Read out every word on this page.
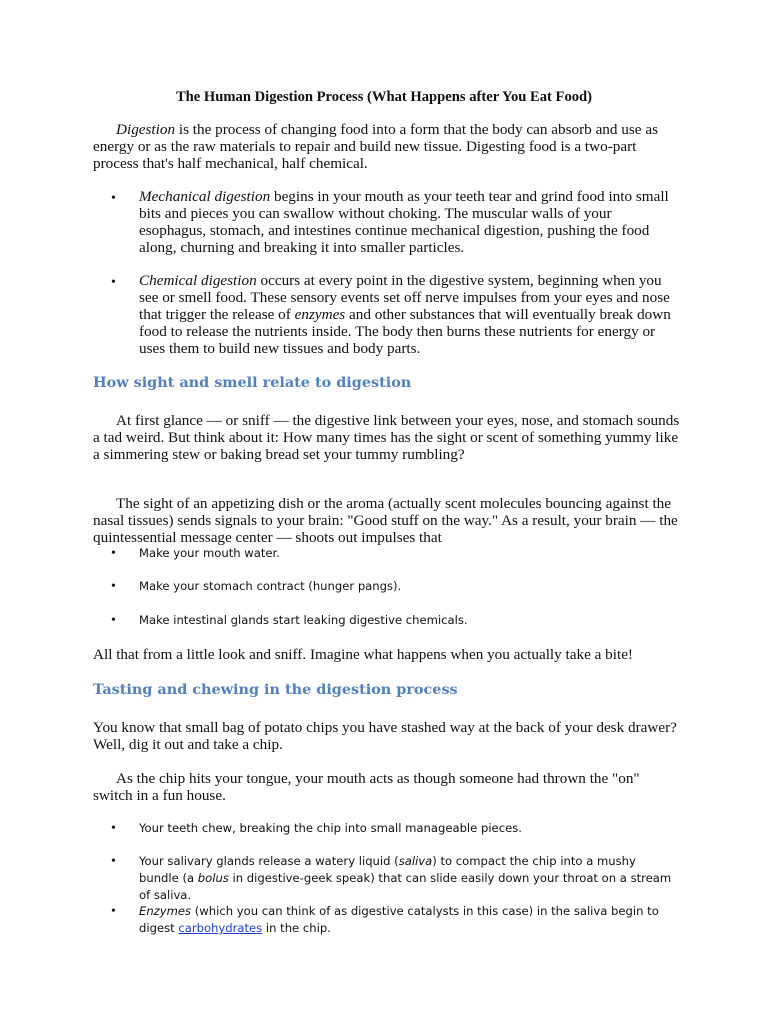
The Human Digestion Process (What Happens after You Eat Food)

Digestion is the process of changing food into a form that the body can absorb and use as energy or as the raw materials to repair and build new tissue. Digesting food is a two-part process that's half mechanical, half chemical.

•	Mechanical digestion begins in your mouth as your teeth tear and grind food into small bits and pieces you can swallow without choking. The muscular walls of your esophagus, stomach, and intestines continue mechanical digestion, pushing the food along, churning and breaking it into smaller particles.

•	Chemical digestion occurs at every point in the digestive system, beginning when you see or smell food. These sensory events set off nerve impulses from your eyes and nose that trigger the release of enzymes and other substances that will eventually break down food to release the nutrients inside. The body then burns these nutrients for energy or uses them to build new tissues and body parts.

How sight and smell relate to digestion

At first glance — or sniff — the digestive link between your eyes, nose, and stomach sounds a tad weird. But think about it: How many times has the sight or scent of something yummy like a simmering stew or baking bread set your tummy rumbling?

The sight of an appetizing dish or the aroma (actually scent molecules bouncing against the nasal tissues) sends signals to your brain: "Good stuff on the way." As a result, your brain — the quintessential message center — shoots out impulses that

•	Make your mouth water.

•	Make your stomach contract (hunger pangs).

•	Make intestinal glands start leaking digestive chemicals.

All that from a little look and sniff. Imagine what happens when you actually take a bite!

Tasting and chewing in the digestion process

You know that small bag of potato chips you have stashed way at the back of your desk drawer? Well, dig it out and take a chip.

As the chip hits your tongue, your mouth acts as though someone had thrown the "on" switch in a fun house.

•	Your teeth chew, breaking the chip into small manageable pieces.

•	Your salivary glands release a watery liquid (saliva) to compact the chip into a mushy bundle (a bolus in digestive-geek speak) that can slide easily down your throat on a stream of saliva.

•	Enzymes (which you can think of as digestive catalysts in this case) in the saliva begin to digest carbohydrates in the chip.
